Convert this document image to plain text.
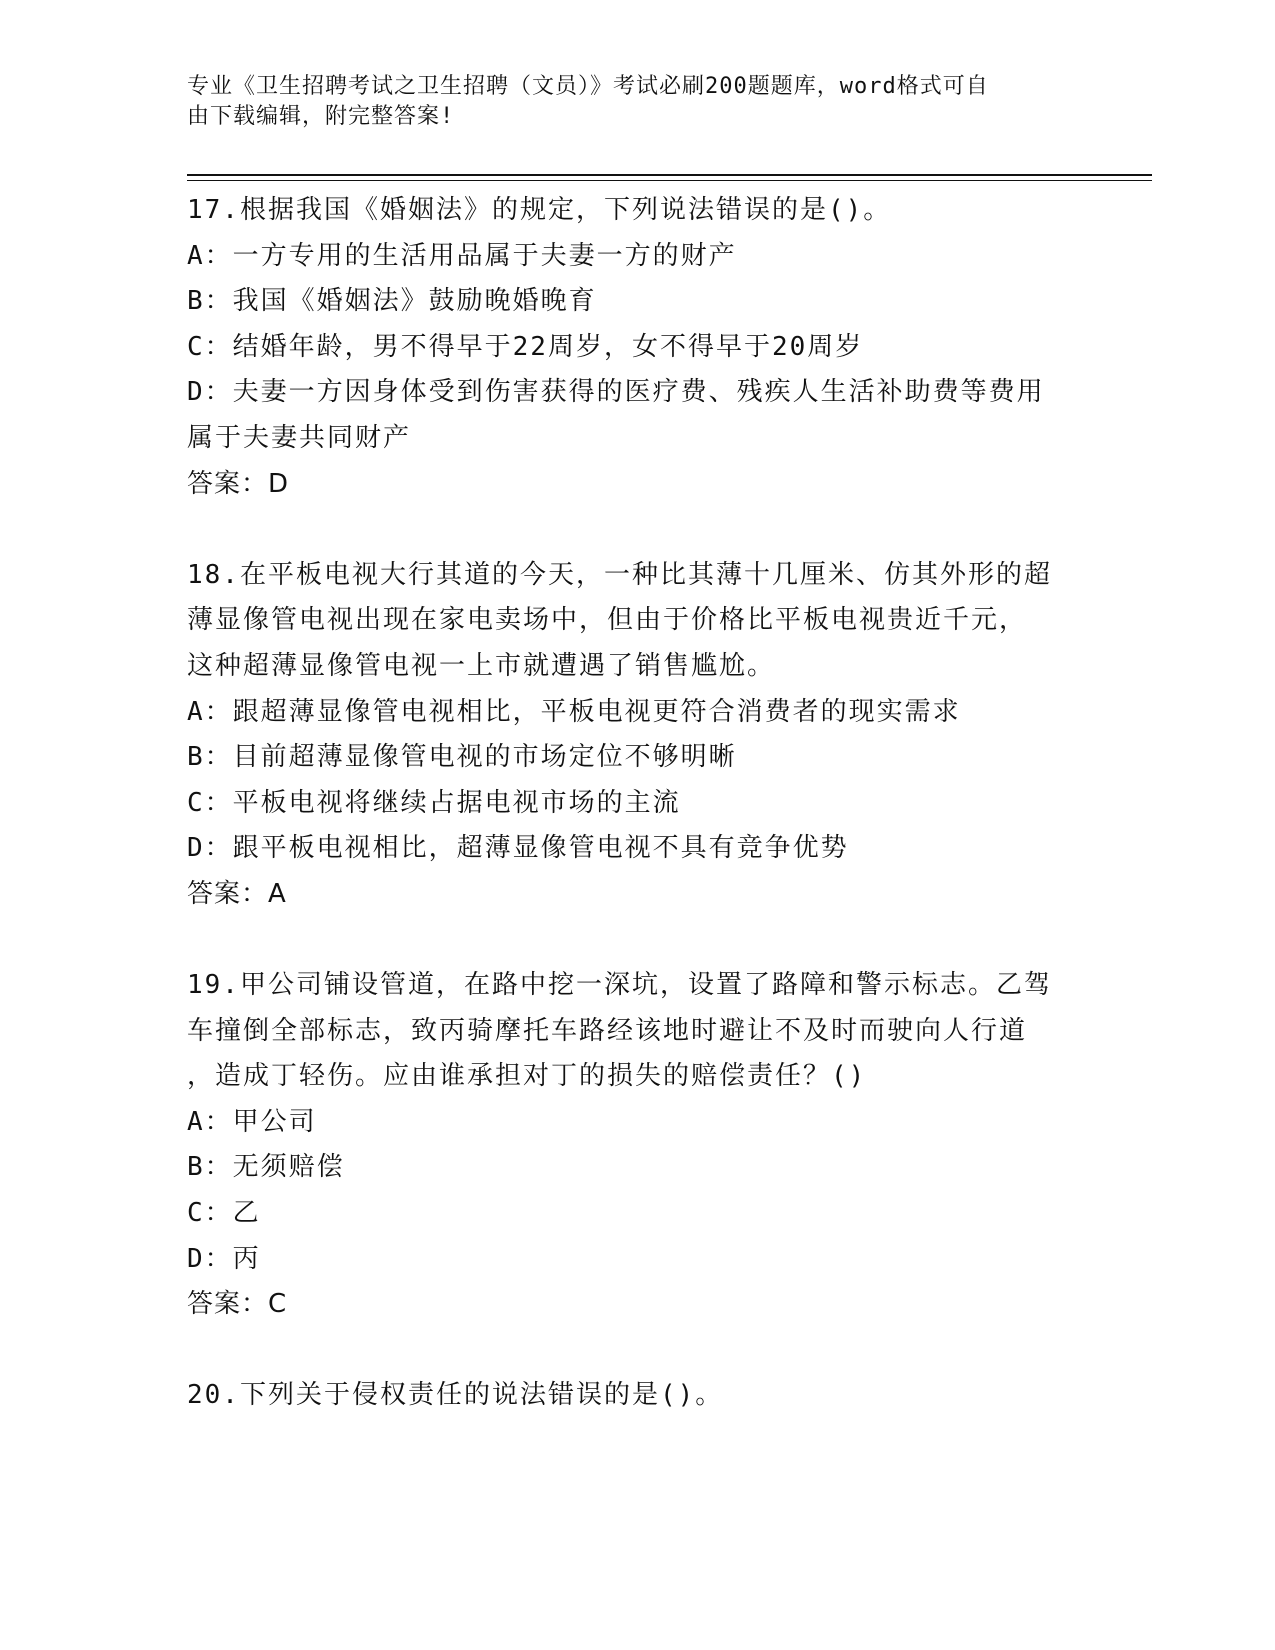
专业《卫生招聘考试之卫生招聘（文员）》考试必刷200题题库，word格式可自
由下载编辑，附完整答案!
17.根据我国《婚姻法》的规定，下列说法错误的是()。
A：一方专用的生活用品属于夫妻一方的财产
B：我国《婚姻法》鼓励晚婚晚育
C：结婚年龄，男不得早于22周岁，女不得早于20周岁
D：夫妻一方因身体受到伤害获得的医疗费、残疾人生活补助费等费用
属于夫妻共同财产
答案：D
18.在平板电视大行其道的今天，一种比其薄十几厘米、仿其外形的超
薄显像管电视出现在家电卖场中，但由于价格比平板电视贵近千元，
这种超薄显像管电视一上市就遭遇了销售尴尬。
A：跟超薄显像管电视相比，平板电视更符合消费者的现实需求
B：目前超薄显像管电视的市场定位不够明晰
C：平板电视将继续占据电视市场的主流
D：跟平板电视相比，超薄显像管电视不具有竞争优势
答案：A
19.甲公司铺设管道，在路中挖一深坑，设置了路障和警示标志。乙驾
车撞倒全部标志，致丙骑摩托车路经该地时避让不及时而驶向人行道
，造成丁轻伤。应由谁承担对丁的损失的赔偿责任？()
A：甲公司
B：无须赔偿
C：乙
D：丙
答案：C
20.下列关于侵权责任的说法错误的是()。
